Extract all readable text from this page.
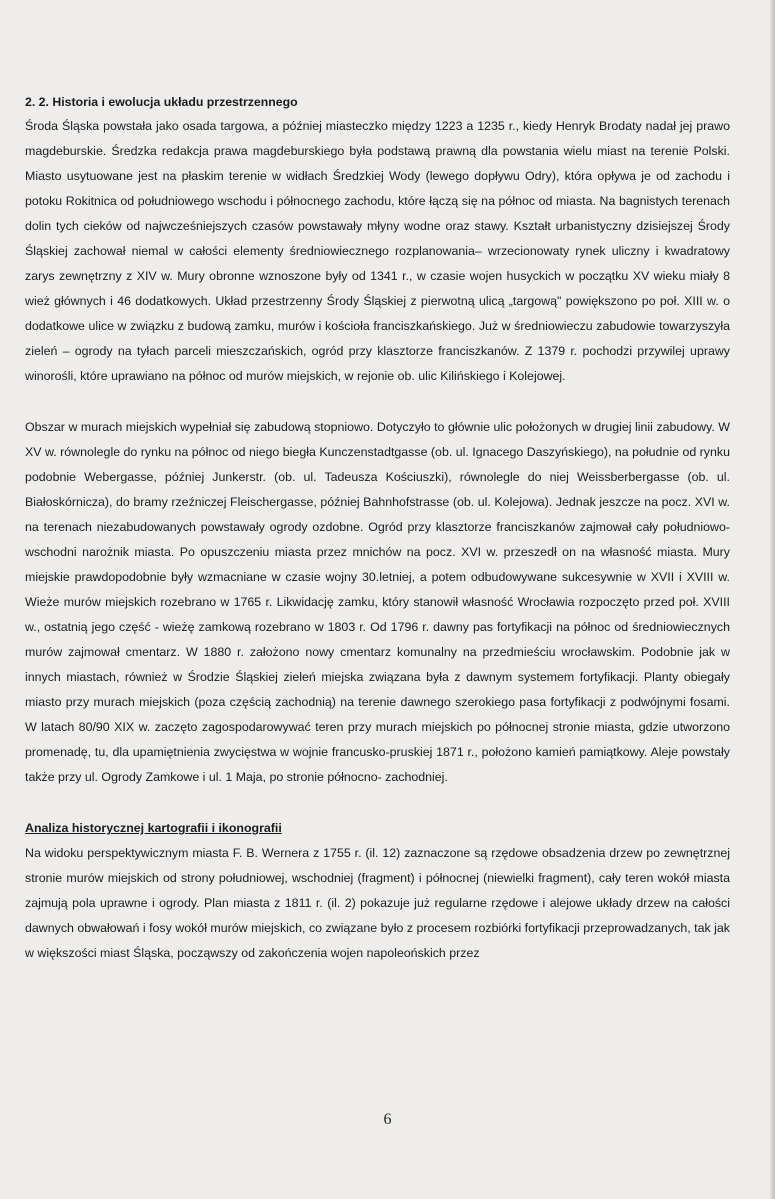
2. 2. Historia i ewolucja układu przestrzennego

Środa Śląska powstała jako osada targowa, a później miasteczko między 1223 a 1235 r., kiedy Henryk Brodaty nadał jej prawo magdeburskie. Średzka redakcja prawa magdeburskiego była podstawą prawną dla powstania wielu miast na terenie Polski. Miasto usytuowane jest na płaskim terenie w widłach Średzkiej Wody (lewego dopływu Odry), która opływa je od zachodu i potoku Rokitnica od południowego wschodu i północnego zachodu, które łączą się na północ od miasta. Na bagnistych terenach dolin tych cieków od najwcześniejszych czasów powstawały młyny wodne oraz stawy. Kształt urbanistyczny dzisiejszej Środy Śląskiej zachował niemal w całości elementy średniowiecznego rozplanowania– wrzecionowaty rynek uliczny i kwadratowy zarys zewnętrzny z XIV w. Mury obronne wznoszone były od 1341 r., w czasie wojen husyckich w początku XV wieku miały 8 wież głównych i 46 dodatkowych. Układ przestrzenny Środy Śląskiej z pierwotną ulicą „targową" powiększono po poł. XIII w. o dodatkowe ulice w związku z budową zamku, murów i kościoła franciszkańskiego. Już w średniowieczu zabudowie towarzyszyła zieleń – ogrody na tyłach parceli mieszczańskich, ogród przy klasztorze franciszkanów. Z 1379 r. pochodzi przywilej uprawy winorośli, które uprawiano na północ od murów miejskich, w rejonie ob. ulic Kilińskiego i Kolejowej.

Obszar w murach miejskich wypełniał się zabudową stopniowo. Dotyczyło to głównie ulic położonych w drugiej linii zabudowy. W XV w. równolegle do rynku na północ od niego biegła Kunczenstadtgasse (ob. ul. Ignacego Daszyńskiego), na południe od rynku podobnie Webergasse, później Junkerstr. (ob. ul. Tadeusza Kościuszki), równolegle do niej Weissberbergasse (ob. ul. Białoskórnicza), do bramy rzeźniczej Fleischergasse, później Bahnhofstrasse (ob. ul. Kolejowa). Jednak jeszcze na pocz. XVI w. na terenach niezabudowanych powstawały ogrody ozdobne. Ogród przy klasztorze franciszkanów zajmował cały południowo-wschodni narożnik miasta. Po opuszczeniu miasta przez mnichów na pocz. XVI w. przeszedł on na własność miasta. Mury miejskie prawdopodobnie były wzmacniane w czasie wojny 30.letniej, a potem odbudowywane sukcesywnie w XVII i XVIII w. Wieże murów miejskich rozebrano w 1765 r. Likwidację zamku, który stanowił własność Wrocławia rozpoczęto przed poł. XVIII w., ostatnią jego część - wieżę zamkową rozebrano w 1803 r. Od 1796 r. dawny pas fortyfikacji na północ od średniowiecznych murów zajmował cmentarz. W 1880 r. założono nowy cmentarz komunalny na przedmieściu wrocławskim. Podobnie jak w innych miastach, również w Środzie Śląskiej zieleń miejska związana była z dawnym systemem fortyfikacji. Planty obiegały miasto przy murach miejskich (poza częścią zachodnią) na terenie dawnego szerokiego pasa fortyfikacji z podwójnymi fosami. W latach 80/90 XIX w. zaczęto zagospodarowywać teren przy murach miejskich po północnej stronie miasta, gdzie utworzono promenadę, tu, dla upamiętnienia zwycięstwa w wojnie francusko-pruskiej 1871 r., położono kamień pamiątkowy. Aleje powstały także przy ul. Ogrody Zamkowe i ul. 1 Maja, po stronie północno- zachodniej.

Analiza historycznej kartografii i ikonografii

Na widoku perspektywicznym miasta F. B. Wernera z 1755 r. (il. 12) zaznaczone są rzędowe obsadzenia drzew po zewnętrznej stronie murów miejskich od strony południowej, wschodniej (fragment) i północnej (niewielki fragment), cały teren wokół miasta zajmują pola uprawne i ogrody. Plan miasta z 1811 r. (il. 2) pokazuje już regularne rzędowe i alejowe układy drzew na całości dawnych obwałowań i fosy wokół murów miejskich, co związane było z procesem rozbiórki fortyfikacji przeprowadzanych, tak jak w większości miast Śląska, począwszy od zakończenia wojen napoleońskich przez

6
